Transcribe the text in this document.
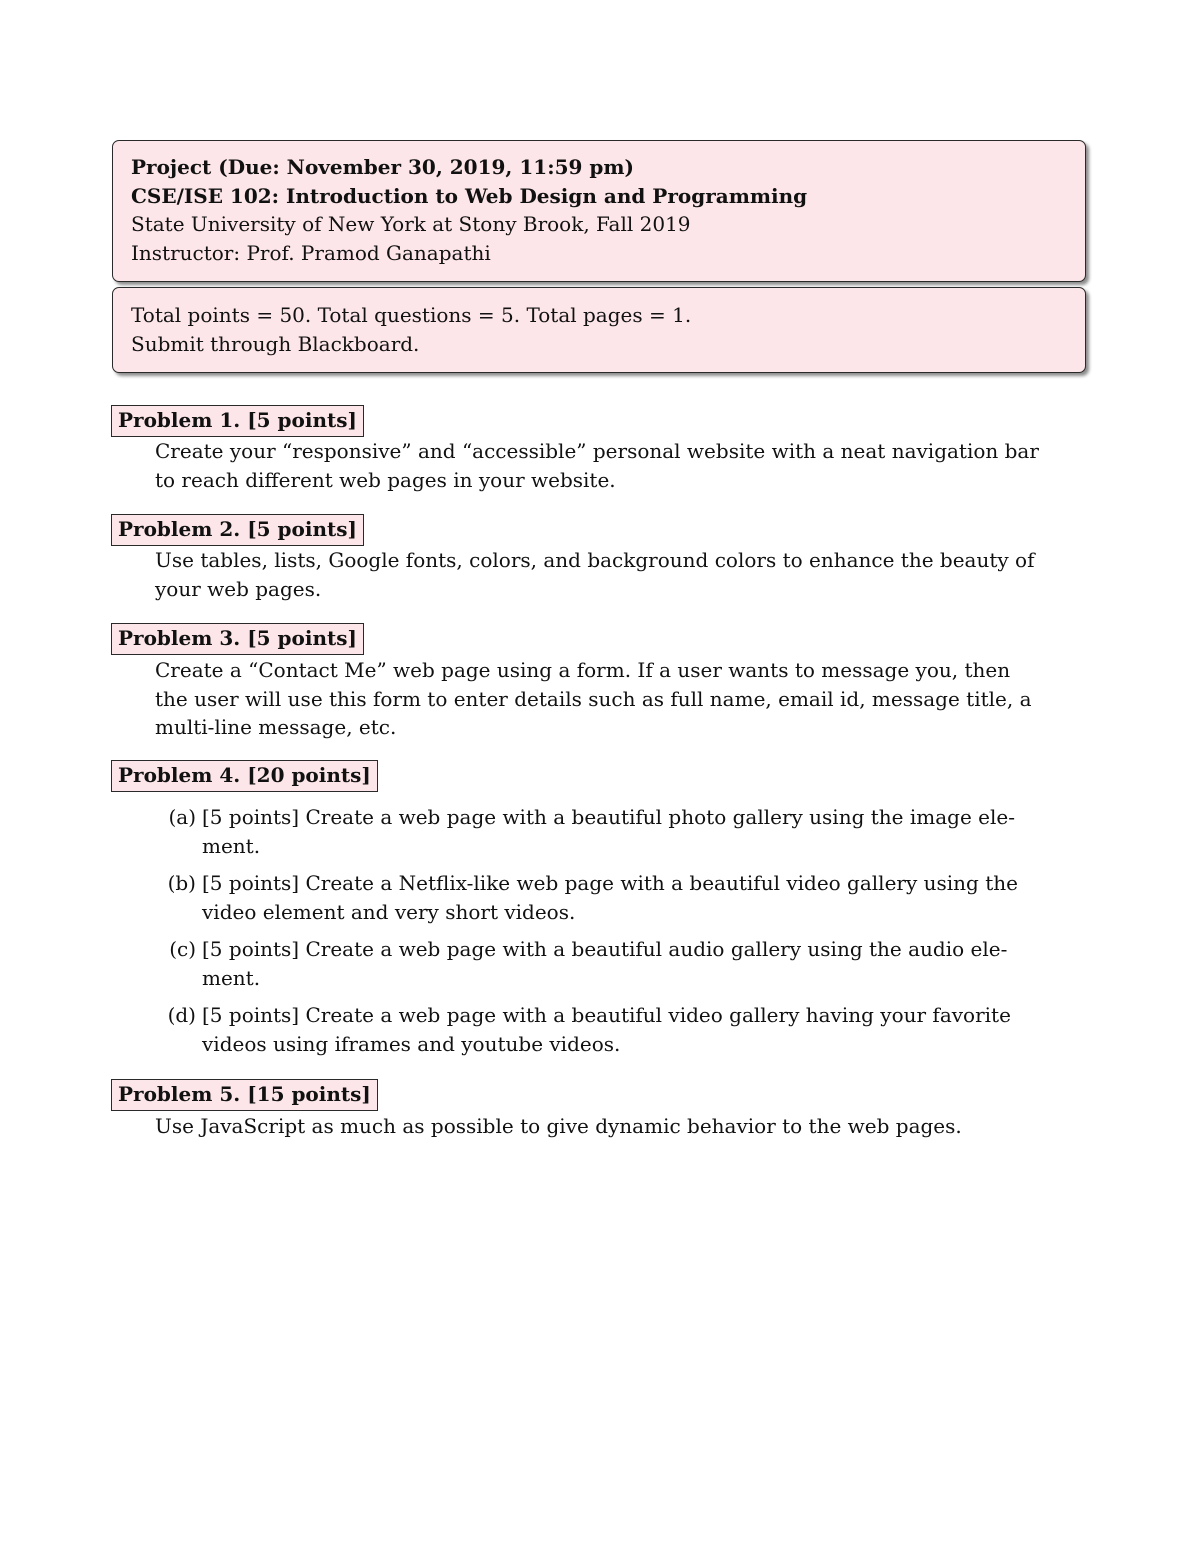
Project (Due: November 30, 2019, 11:59 pm)
CSE/ISE 102: Introduction to Web Design and Programming
State University of New York at Stony Brook, Fall 2019
Instructor: Prof. Pramod Ganapathi
Total points = 50. Total questions = 5. Total pages = 1.
Submit through Blackboard.
Problem 1. [5 points]
Create your “responsive” and “accessible” personal website with a neat navigation bar
to reach different web pages in your website.
Problem 2. [5 points]
Use tables, lists, Google fonts, colors, and background colors to enhance the beauty of
your web pages.
Problem 3. [5 points]
Create a “Contact Me” web page using a form. If a user wants to message you, then
the user will use this form to enter details such as full name, email id, message title, a
multi-line message, etc.
Problem 4. [20 points]
(a) [5 points] Create a web page with a beautiful photo gallery using the image ele-
ment.
(b) [5 points] Create a Netflix-like web page with a beautiful video gallery using the
video element and very short videos.
(c) [5 points] Create a web page with a beautiful audio gallery using the audio ele-
ment.
(d) [5 points] Create a web page with a beautiful video gallery having your favorite
videos using iframes and youtube videos.
Problem 5. [15 points]
Use JavaScript as much as possible to give dynamic behavior to the web pages.
